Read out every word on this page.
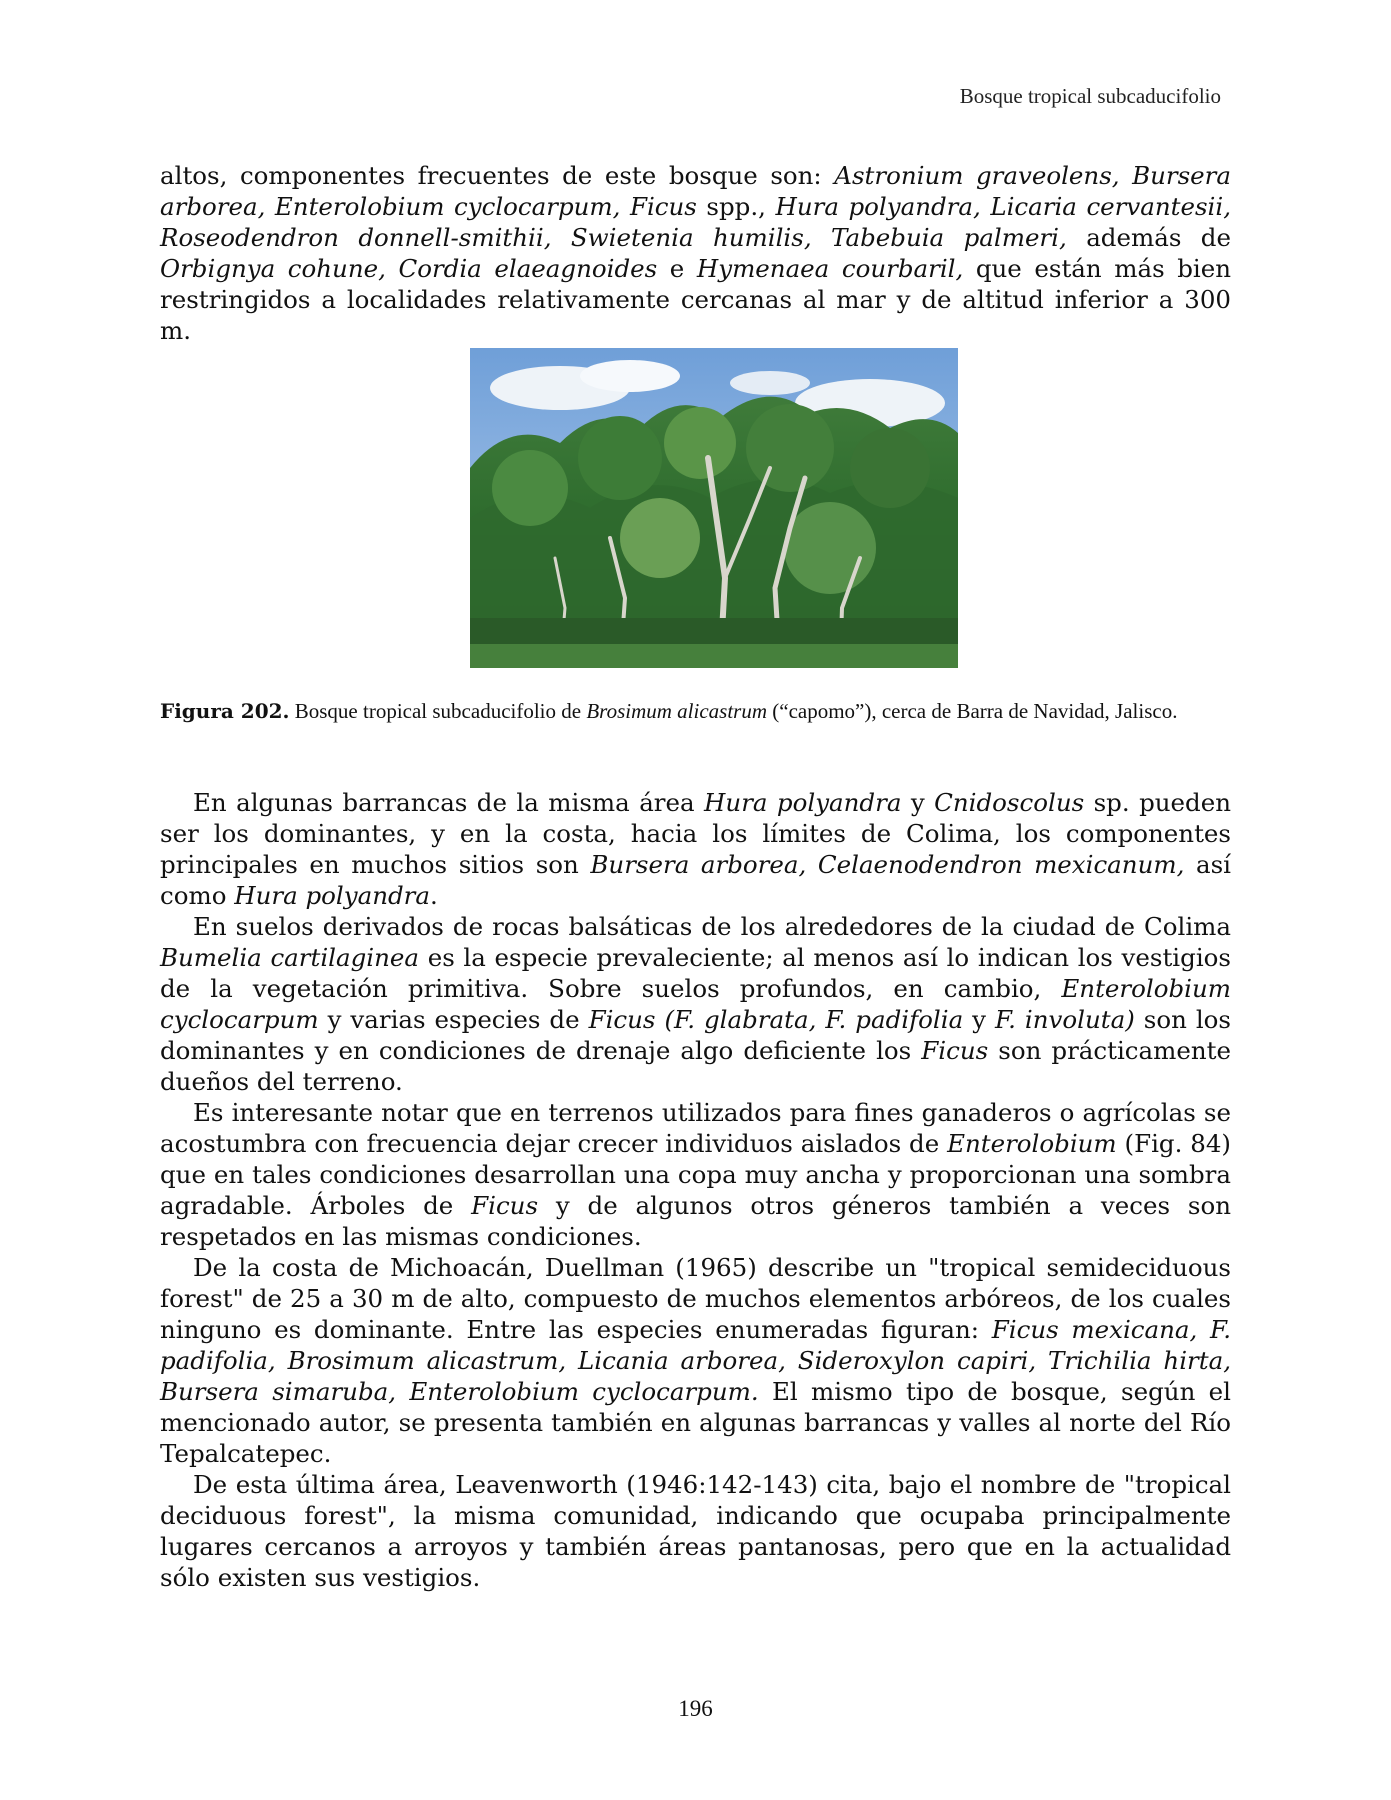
Bosque tropical subcaducifolio

altos, componentes frecuentes de este bosque son: Astronium graveolens, Bursera arborea, Enterolobium cyclocarpum, Ficus spp., Hura polyandra, Licaria cervantesii, Roseodendron donnell-smithii, Swietenia humilis, Tabebuia palmeri, además de Orbignya cohune, Cordia elaeagnoides e Hymenaea courbaril, que están más bien restringidos a localidades relativamente cercanas al mar y de altitud inferior a 300 m.

Figura 202. Bosque tropical subcaducifolio de Brosimum alicastrum (“capomo”), cerca de Barra de Navidad, Jalisco.

En algunas barrancas de la misma área Hura polyandra y Cnidoscolus sp. pueden ser los dominantes, y en la costa, hacia los límites de Colima, los componentes principales en muchos sitios son Bursera arborea, Celaenodendron mexicanum, así como Hura polyandra.

En suelos derivados de rocas balsáticas de los alrededores de la ciudad de Colima Bumelia cartilaginea es la especie prevaleciente; al menos así lo indican los vestigios de la vegetación primitiva. Sobre suelos profundos, en cambio, Enterolobium cyclocarpum y varias especies de Ficus (F. glabrata, F. padifolia y F. involuta) son los dominantes y en condiciones de drenaje algo deficiente los Ficus son prácticamente dueños del terreno.

Es interesante notar que en terrenos utilizados para fines ganaderos o agrícolas se acostumbra con frecuencia dejar crecer individuos aislados de Enterolobium (Fig. 84) que en tales condiciones desarrollan una copa muy ancha y proporcionan una sombra agradable. Árboles de Ficus y de algunos otros géneros también a veces son respetados en las mismas condiciones.

De la costa de Michoacán, Duellman (1965) describe un "tropical semideciduous forest" de 25 a 30 m de alto, compuesto de muchos elementos arbóreos, de los cuales ninguno es dominante. Entre las especies enumeradas figuran: Ficus mexicana, F. padifolia, Brosimum alicastrum, Licania arborea, Sideroxylon capiri, Trichilia hirta, Bursera simaruba, Enterolobium cyclocarpum. El mismo tipo de bosque, según el mencionado autor, se presenta también en algunas barrancas y valles al norte del Río Tepalcatepec.

De esta última área, Leavenworth (1946:142-143) cita, bajo el nombre de "tropical deciduous forest", la misma comunidad, indicando que ocupaba principalmente lugares cercanos a arroyos y también áreas pantanosas, pero que en la actualidad sólo existen sus vestigios.

196
